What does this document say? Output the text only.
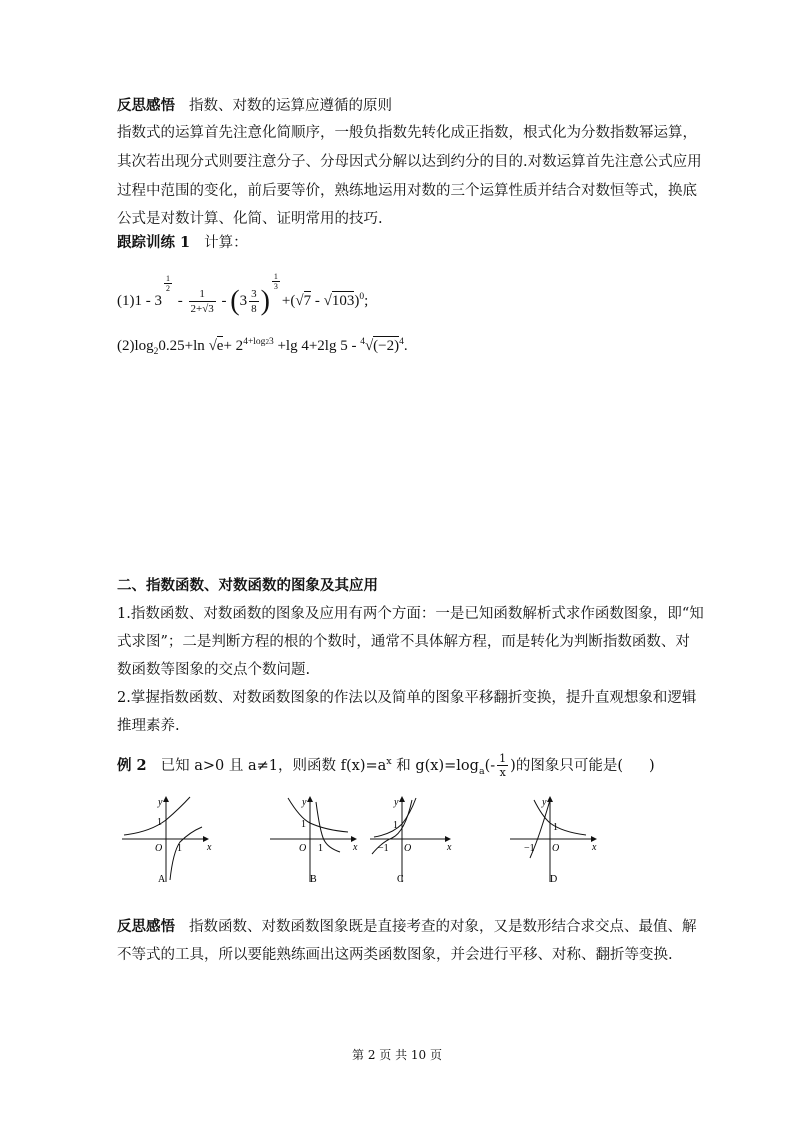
反思感悟 指数、对数的运算应遵循的原则
指数式的运算首先注意化简顺序，一般负指数先转化成正指数，根式化为分数指数幂运算，
其次若出现分式则要注意分子、分母因式分解以达到约分的目的.对数运算首先注意公式应用
过程中范围的变化，前后要等价，熟练地运用对数的三个运算性质并结合对数恒等式，换底
公式是对数计算、化简、证明常用的技巧.
跟踪训练 1 计算：
(1)1 - 3
$\frac{1}{2}$
- $\frac{1}{2+√3} - (3 \frac{3}{8}$ )
$\frac{1}{3}$
+(√7 - √103)$^0$;
$(2)\log_20.25+\ln$ $√e+ 2^{4+log23} +\lg$ 4+2lg $5 - ^4√(-2)^4$.
二、指数函数、对数函数的图象及其应用
1.指数函数、对数函数的图象及应用有两个方面：一是已知函数解析式求作函数图象，即“知
式求图”；二是判断方程的根的个数时，通常不具体解方程，而是转化为判断指数函数、对
数函数等图象的交点个数问题.
2.掌握指数函数、对数函数图象的作法以及简单的图象平移翻折变换，提升直观想象和逻辑
推理素养.
例 2 已知 a>0 且 a≠1，则函数 $f(x)=a^x$ 和 $g(x)=\log_a(- \frac{1}{x}$ )的图象只可能是( )
y
x
O
1
1
A
y
x
O
1
1
B
y
x
O
1
−1
C
y
x
O
1
−1
D
反思感悟 指数函数、对数函数图象既是直接考查的对象，又是数形结合求交点、最值、解
不等式的工具，所以要能熟练画出这两类函数图象，并会进行平移、对称、翻折等变换.
第 2 页 共 10 页
